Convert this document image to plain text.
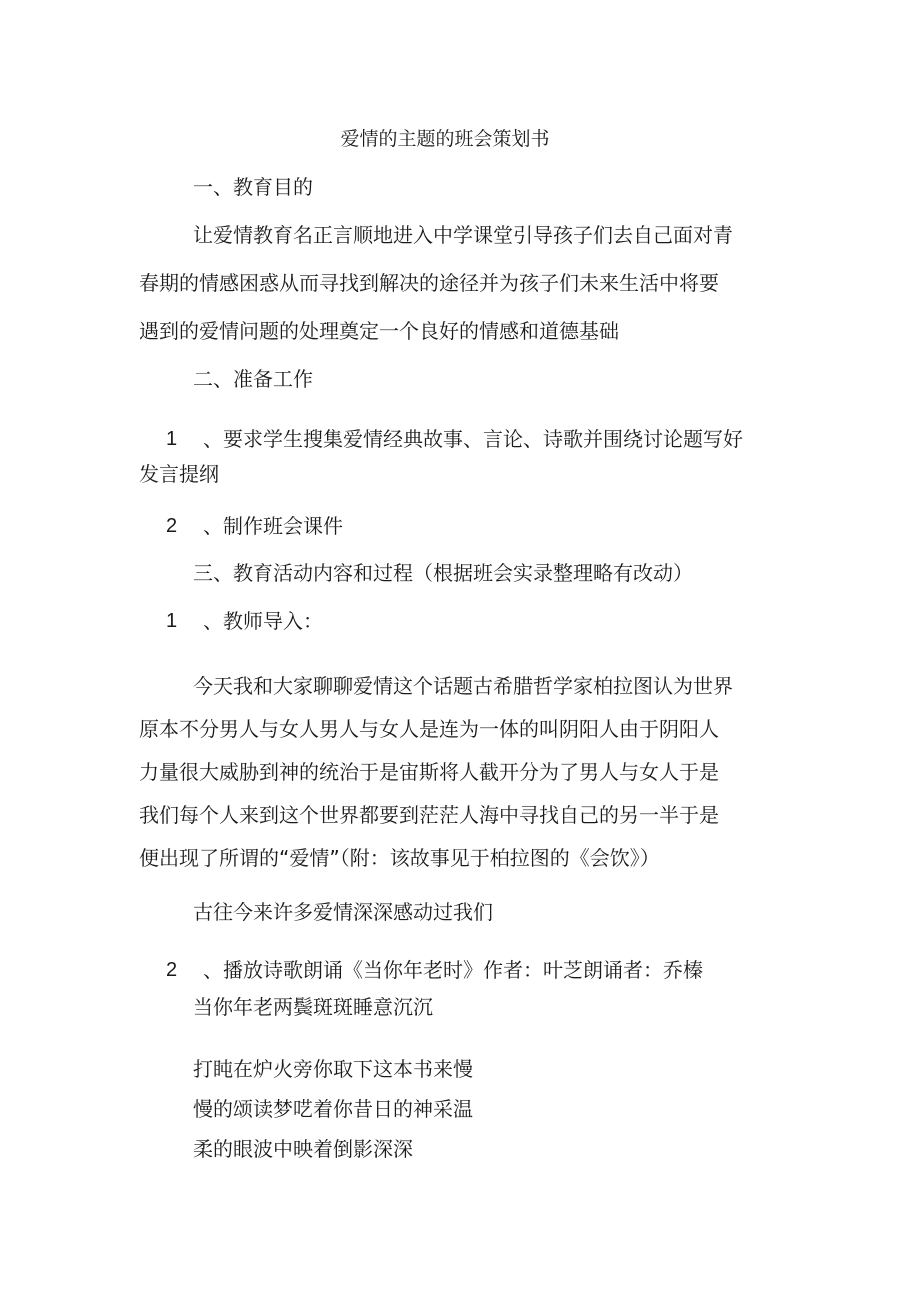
爱情的主题的班会策划书
一、教育目的
让爱情教育名正言顺地进入中学课堂引导孩子们去自己面对青
春期的情感困惑从而寻找到解决的途径并为孩子们未来生活中将要
遇到的爱情问题的处理奠定一个良好的情感和道德基础
二、准备工作
1 、要求学生搜集爱情经典故事、言论、诗歌并围绕讨论题写好
发言提纲
2 、制作班会课件
三、教育活动内容和过程（根据班会实录整理略有改动）
1 、教师导入：
今天我和大家聊聊爱情这个话题古希腊哲学家柏拉图认为世界
原本不分男人与女人男人与女人是连为一体的叫阴阳人由于阴阳人
力量很大威胁到神的统治于是宙斯将人截开分为了男人与女人于是
我们每个人来到这个世界都要到茫茫人海中寻找自己的另一半于是
便出现了所谓的“爱情”（附：该故事见于柏拉图的《会饮》）
古往今来许多爱情深深感动过我们
2 、播放诗歌朗诵《当你年老时》作者：叶芝朗诵者：乔榛
当你年老两鬓斑斑睡意沉沉
打盹在炉火旁你取下这本书来慢
慢的颂读梦呓着你昔日的神采温
柔的眼波中映着倒影深深
